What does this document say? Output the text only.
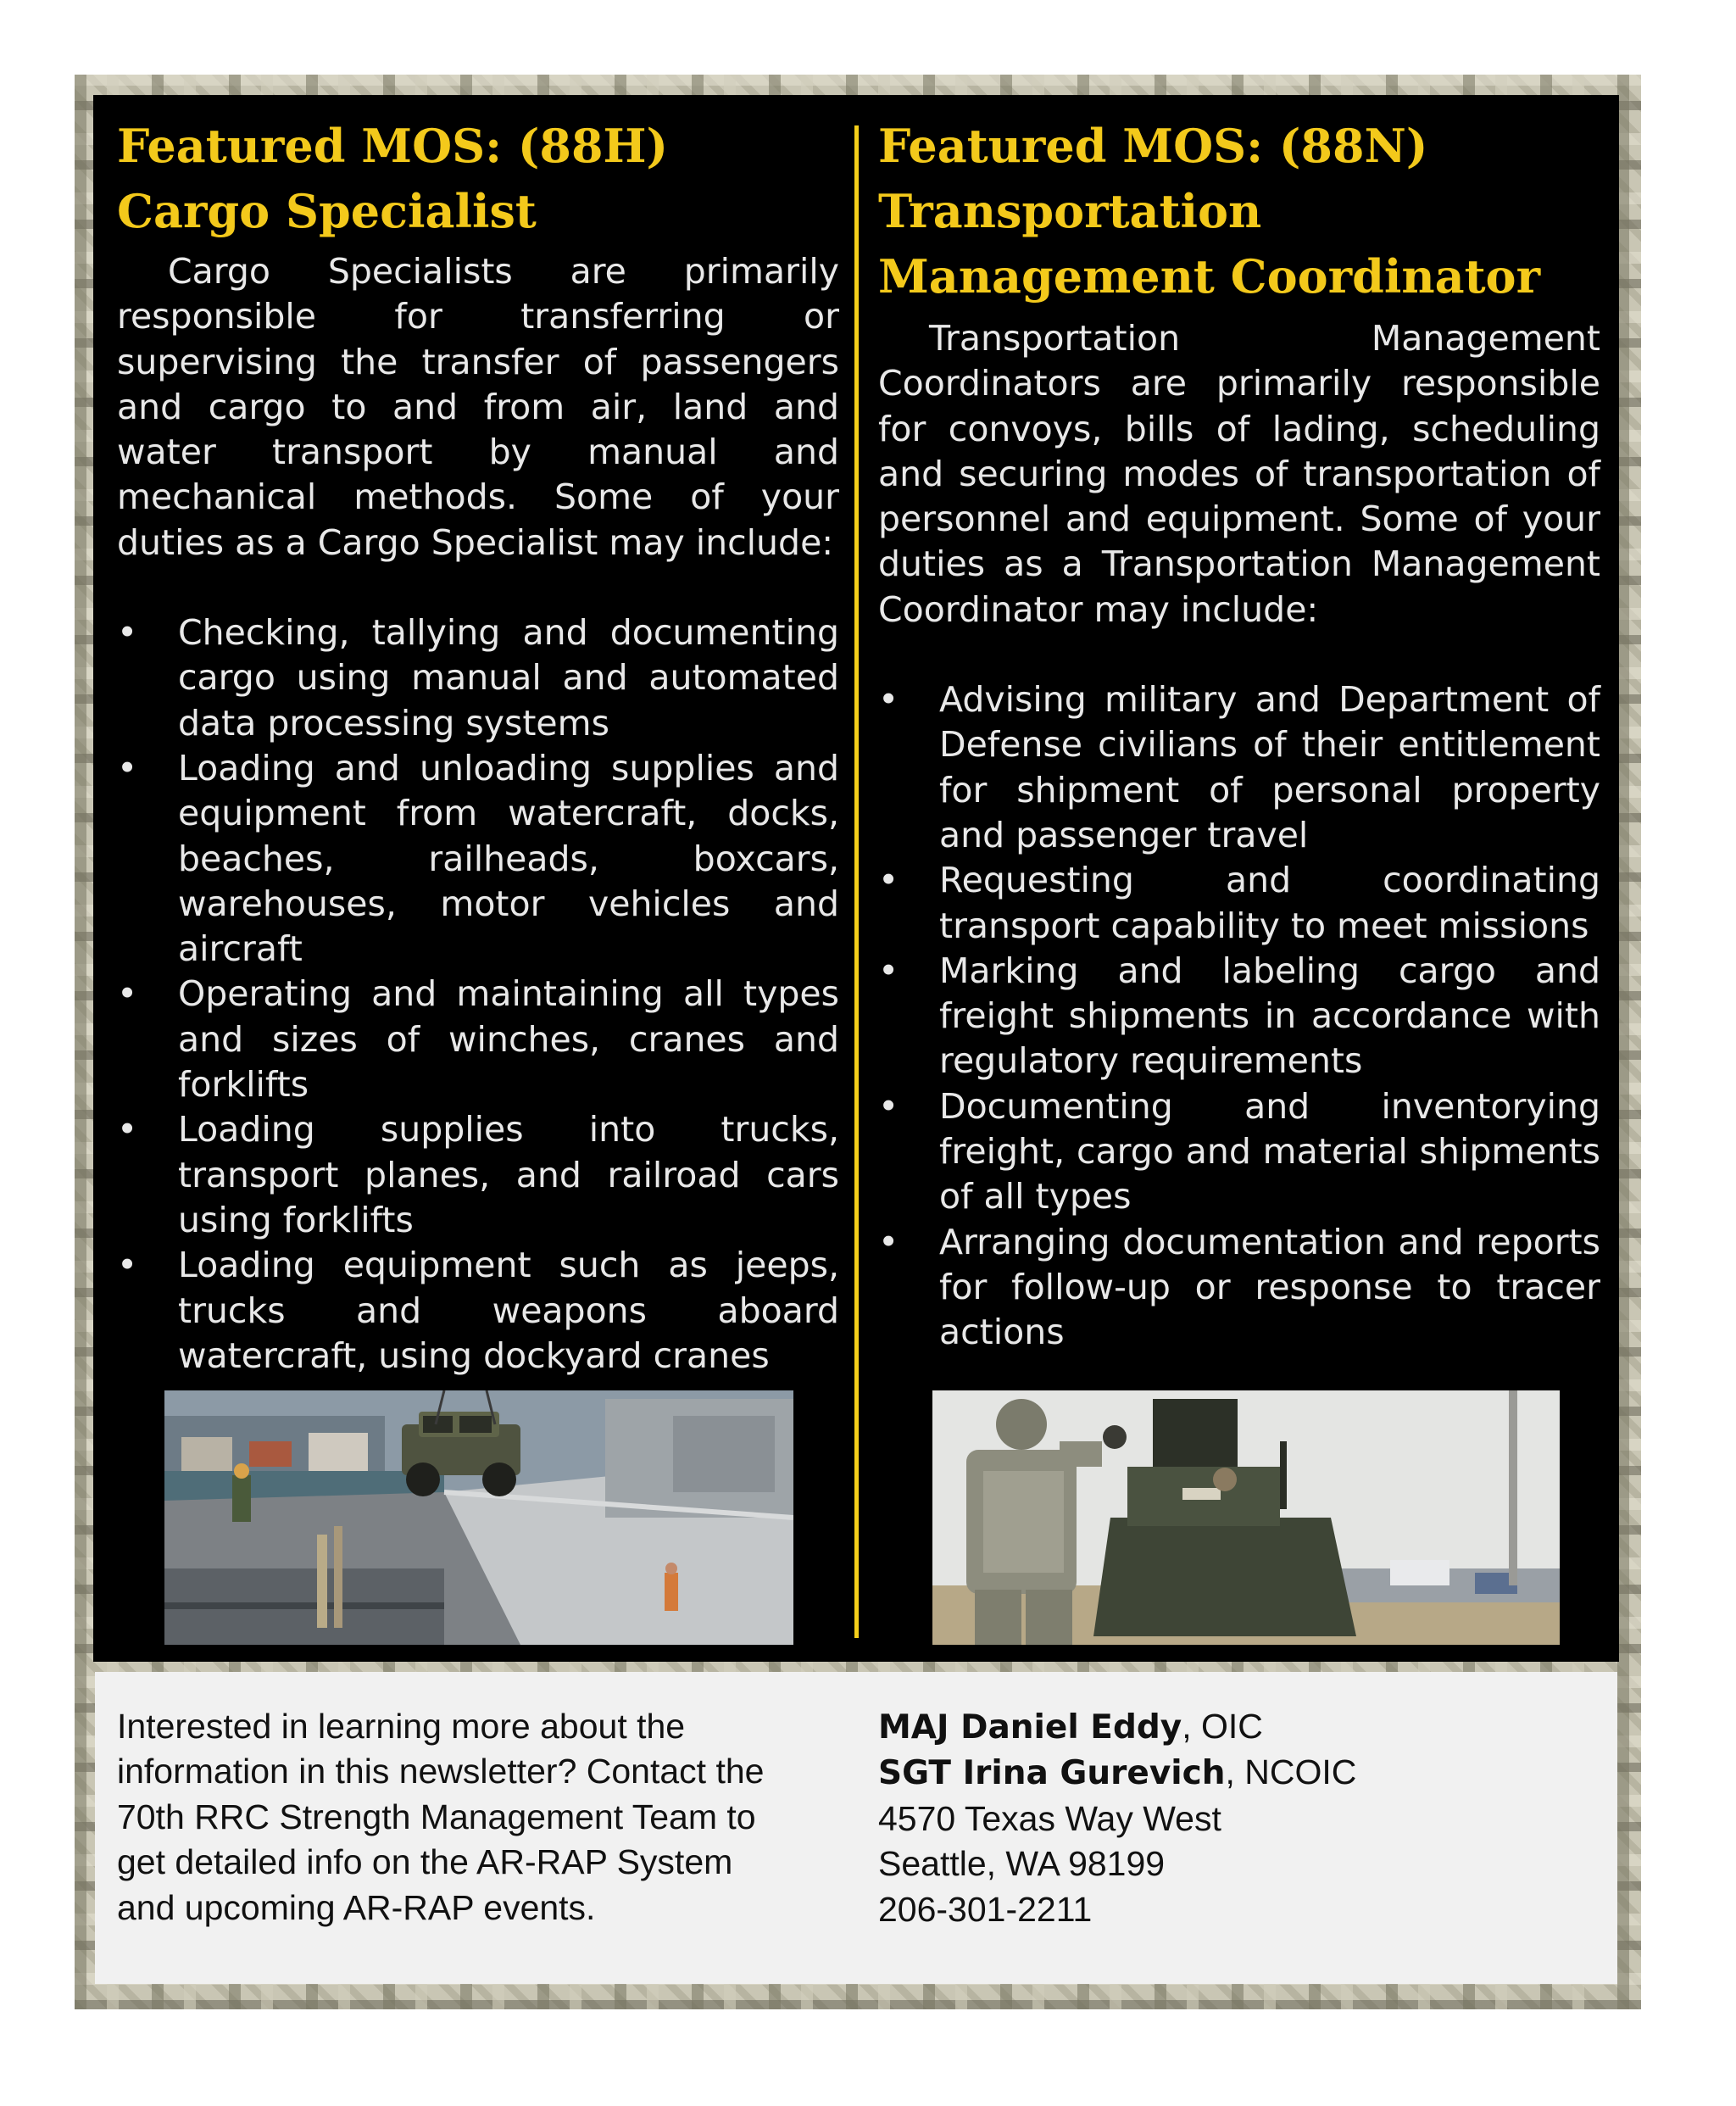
Featured MOS: (88H)
Cargo Specialist

Cargo Specialists are primarily responsible for transferring or supervising the transfer of passengers and cargo to and from air, land and water transport by manual and mechanical methods. Some of your duties as a Cargo Specialist may include:

•	Checking, tallying and documenting cargo using manual and automated data processing systems
•	Loading and unloading supplies and equipment from watercraft, docks, beaches, railheads, boxcars, warehouses, motor vehicles and aircraft
•	Operating and maintaining all types and sizes of winches, cranes and forklifts
•	Loading supplies into trucks, transport planes, and railroad cars using forklifts
•	Loading equipment such as jeeps, trucks and weapons aboard watercraft, using dockyard cranes
Featured MOS: (88N)
Transportation
Management Coordinator

Transportation Management Coordinators are primarily responsible for convoys, bills of lading, scheduling and securing modes of transportation of personnel and equipment. Some of your duties as a Transportation Management Coordinator may include:

•	Advising military and Department of Defense civilians of their entitlement for shipment of personal property and passenger travel
•	Requesting and coordinating transport capability to meet missions
•	Marking and labeling cargo and freight shipments in accordance with regulatory requirements
•	Documenting and inventorying freight, cargo and material shipments of all types
•	Arranging documentation and reports for follow-up or response to tracer actions
Interested in learning more about the
information in this newsletter? Contact the
70th RRC Strength Management Team to
get detailed info on the AR-RAP System
and upcoming AR-RAP events.
MAJ Daniel Eddy, OIC
SGT Irina Gurevich, NCOIC
4570 Texas Way West
Seattle, WA 98199
206-301-2211
